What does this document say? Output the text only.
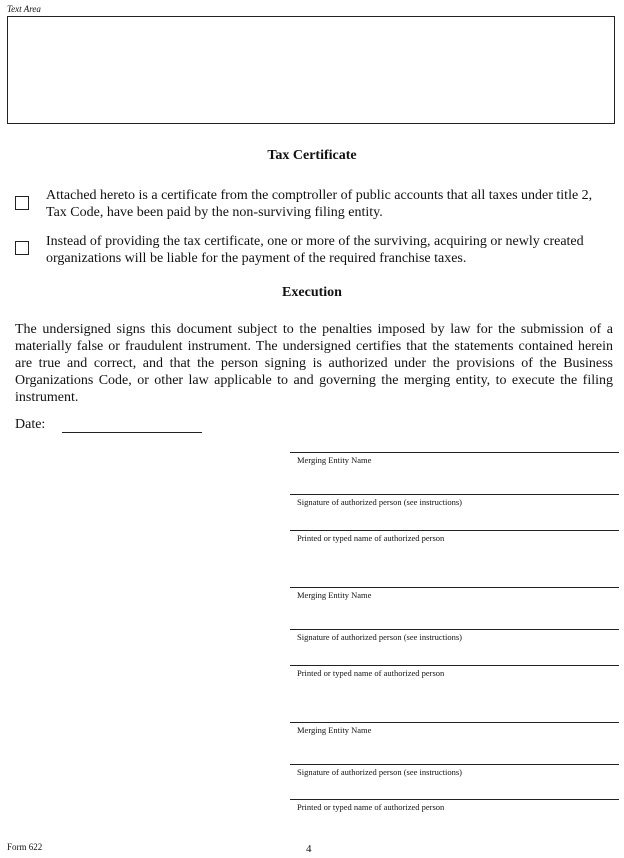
Text Area
Tax Certificate
Attached hereto is a certificate from the comptroller of public accounts that all taxes under title 2, Tax Code, have been paid by the non-surviving filing entity.
Instead of providing the tax certificate, one or more of the surviving, acquiring or newly created organizations will be liable for the payment of the required franchise taxes.
Execution
The undersigned signs this document subject to the penalties imposed by law for the submission of a materially false or fraudulent instrument. The undersigned certifies that the statements contained herein are true and correct, and that the person signing is authorized under the provisions of the Business Organizations Code, or other law applicable to and governing the merging entity, to execute the filing instrument.
Date:
Merging Entity Name
Signature of authorized person (see instructions)
Printed or typed name of authorized person
Merging Entity Name
Signature of authorized person (see instructions)
Printed or typed name of authorized person
Merging Entity Name
Signature of authorized person (see instructions)
Printed or typed name of authorized person
Form 622	4
